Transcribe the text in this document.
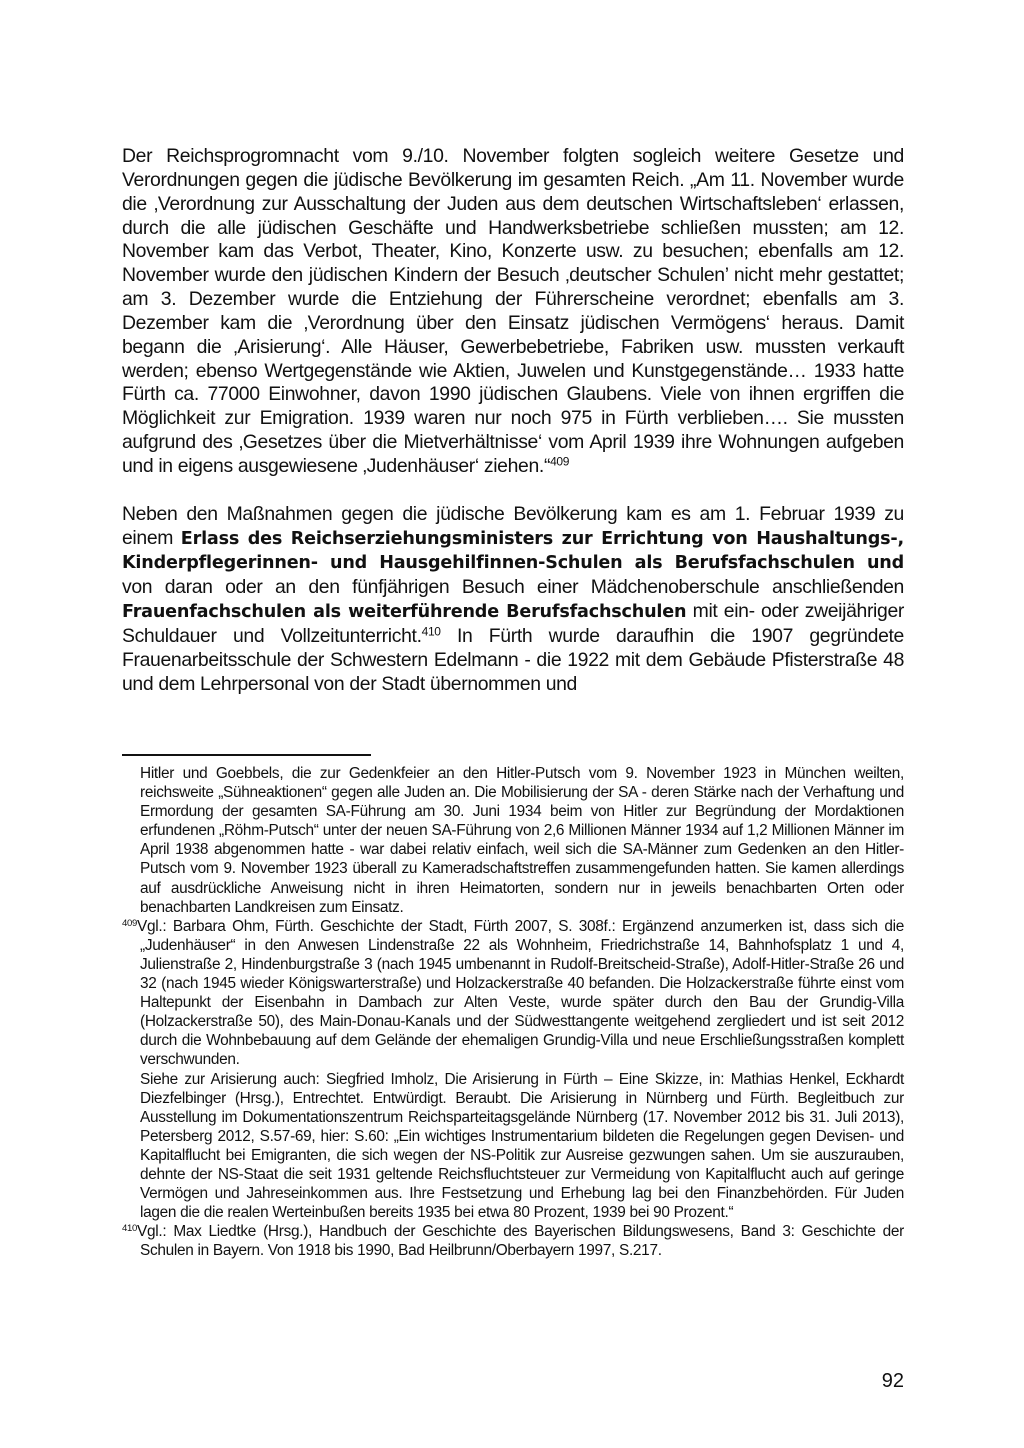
Der Reichsprogromnacht vom 9./10. November folgten sogleich weitere Gesetze und Verordnungen gegen die jüdische Bevölkerung im gesamten Reich. „Am 11. November wurde die ‚Verordnung zur Ausschaltung der Juden aus dem deutschen Wirtschaftsleben‘ erlassen, durch die alle jüdischen Geschäfte und Handwerksbetriebe schließen mussten; am 12. November kam das Verbot, Theater, Kino, Konzerte usw. zu besuchen; ebenfalls am 12. November wurde den jüdischen Kindern der Besuch ‚deutscher Schulen’ nicht mehr gestattet; am 3. Dezember wurde die Entziehung der Führerscheine verordnet; ebenfalls am 3. Dezember kam die ‚Verordnung über den Einsatz jüdischen Vermögens‘ heraus. Damit begann die ‚Arisierung‘. Alle Häuser, Gewerbebetriebe, Fabriken usw. mussten verkauft werden; ebenso Wertgegenstände wie Aktien, Juwelen und Kunstgegenstände… 1933 hatte Fürth ca. 77000 Einwohner, davon 1990 jüdischen Glaubens. Viele von ihnen ergriffen die Möglichkeit zur Emigration. 1939 waren nur noch 975 in Fürth verblieben…. Sie mussten aufgrund des ‚Gesetzes über die Mietverhältnisse‘ vom April 1939 ihre Wohnungen aufgeben und in eigens ausgewiesene ‚Judenhäuser‘ ziehen.“$^{409}$

Neben den Maßnahmen gegen die jüdische Bevölkerung kam es am 1. Februar 1939 zu einem Erlass des Reichserziehungsministers zur Errichtung von Haushaltungs-, Kinderpflegerinnen- und Hausgehilfinnen-Schulen als Berufsfachschulen und von daran oder an den fünfjährigen Besuch einer Mädchenoberschule anschließenden Frauenfachschulen als weiterführende Berufsfachschulen mit ein- oder zweijähriger Schuldauer und Vollzeitunterricht.$^{410}$ In Fürth wurde daraufhin die 1907 gegründete Frauenarbeitsschule der Schwestern Edelmann - die 1922 mit dem Gebäude Pfisterstraße 48 und dem Lehrpersonal von der Stadt übernommen und

Hitler und Goebbels, die zur Gedenkfeier an den Hitler-Putsch vom 9. November 1923 in München weilten, reichsweite „Sühneaktionen“ gegen alle Juden an. Die Mobilisierung der SA - deren Stärke nach der Verhaftung und Ermordung der gesamten SA-Führung am 30. Juni 1934 beim von Hitler zur Begründung der Mordaktionen erfundenen „Röhm-Putsch“ unter der neuen SA-Führung von 2,6 Millionen Männer 1934 auf 1,2 Millionen Männer im April 1938 abgenommen hatte - war dabei relativ einfach, weil sich die SA-Männer zum Gedenken an den Hitler-Putsch vom 9. November 1923 überall zu Kameradschaftstreffen zusammengefunden hatten. Sie kamen allerdings auf ausdrückliche Anweisung nicht in ihren Heimatorten, sondern nur in jeweils benachbarten Orten oder benachbarten Landkreisen zum Einsatz.

$^{409}$Vgl.: Barbara Ohm, Fürth. Geschichte der Stadt, Fürth 2007, S. 308f.: Ergänzend anzumerken ist, dass sich die „Judenhäuser“ in den Anwesen Lindenstraße 22 als Wohnheim, Friedrichstraße 14, Bahnhofsplatz 1 und 4, Julienstraße 2, Hindenburgstraße 3 (nach 1945 umbenannt in Rudolf-Breitscheid-Straße), Adolf-Hitler-Straße 26 und 32 (nach 1945 wieder Königswarterstraße) und Holzackerstraße 40 befanden. Die Holzackerstraße führte einst vom Haltepunkt der Eisenbahn in Dambach zur Alten Veste, wurde später durch den Bau der Grundig-Villa (Holzackerstraße 50), des Main-Donau-Kanals und der Südwesttangente weitgehend zergliedert und ist seit 2012 durch die Wohnbebauung auf dem Gelände der ehemaligen Grundig-Villa und neue Erschließungsstraßen komplett verschwunden.

Siehe zur Arisierung auch: Siegfried Imholz, Die Arisierung in Fürth – Eine Skizze, in: Mathias Henkel, Eckhardt Diezfelbinger (Hrsg.), Entrechtet. Entwürdigt. Beraubt. Die Arisierung in Nürnberg und Fürth. Begleitbuch zur Ausstellung im Dokumentationszentrum Reichsparteitagsgelände Nürnberg (17. November 2012 bis 31. Juli 2013), Petersberg 2012, S.57-69, hier: S.60: „Ein wichtiges Instrumentarium bildeten die Regelungen gegen Devisen- und Kapitalflucht bei Emigranten, die sich wegen der NS-Politik zur Ausreise gezwungen sahen. Um sie auszurauben, dehnte der NS-Staat die seit 1931 geltende Reichsfluchtsteuer zur Vermeidung von Kapitalflucht auch auf geringe Vermögen und Jahreseinkommen aus. Ihre Festsetzung und Erhebung lag bei den Finanzbehörden. Für Juden lagen die die realen Werteinbußen bereits 1935 bei etwa 80 Prozent, 1939 bei 90 Prozent.“

$^{410}$Vgl.: Max Liedtke (Hrsg.), Handbuch der Geschichte des Bayerischen Bildungswesens, Band 3: Geschichte der Schulen in Bayern. Von 1918 bis 1990, Bad Heilbrunn/Oberbayern 1997, S.217.

92
